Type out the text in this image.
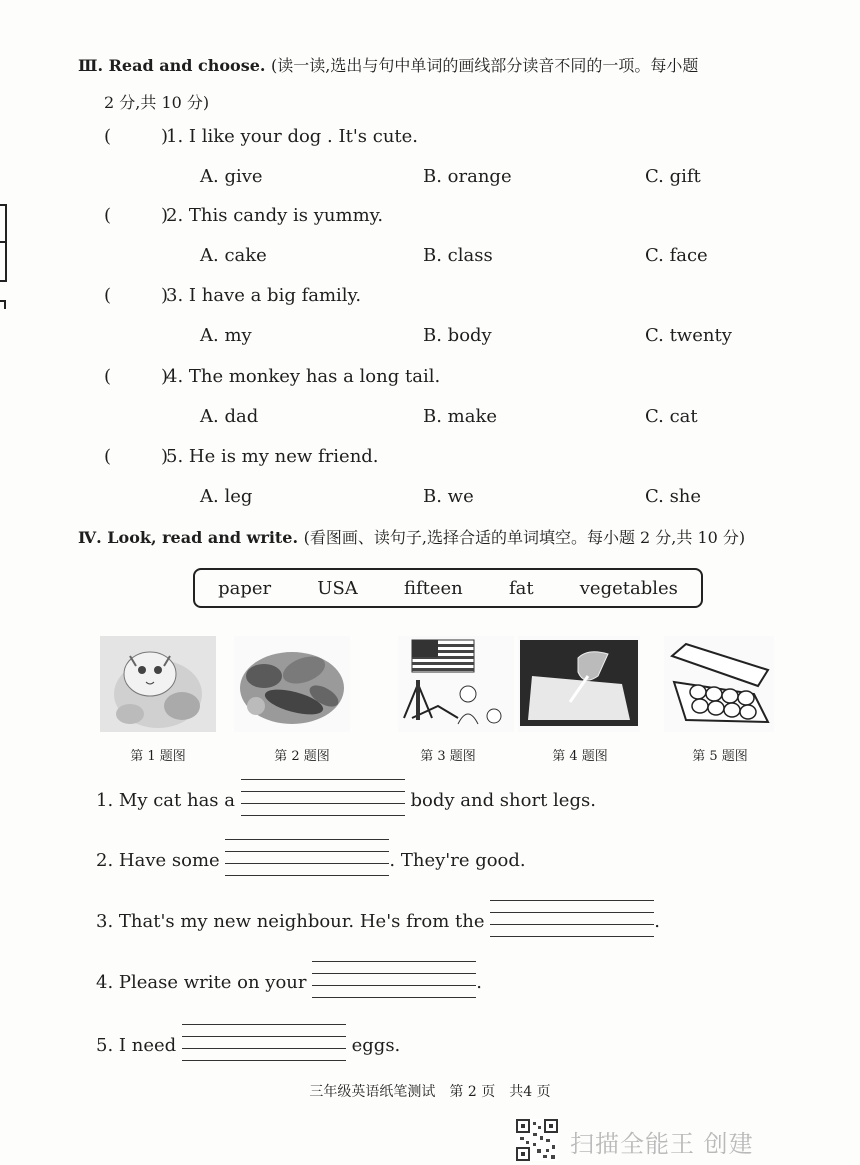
Ⅲ. Read and choose. (读一读,选出与句中单词的画线部分读音不同的一项。每小题
2 分,共 10 分)
(	)1. I like your dog . It's cute.
A. give	B. orange	C. gift
(	)2. This candy is yummy.
A. cake	B. class	C. face
(	)3. I have a big family.
A. my	B. body	C. twenty
(	)4. The monkey has a long tail.
A. dad	B. make	C. cat
(	)5. He is my new friend.
A. leg	B. we	C. she
Ⅳ. Look, read and write. (看图画、读句子,选择合适的单词填空。每小题 2 分,共 10 分)
paper	USA	fifteen	fat	vegetables
第 1 题图	第 2 题图	第 3 题图	第 4 题图	第 5 题图
1. My cat has a	body and short legs.
2. Have some	. They're good.
3. That's my new neighbour. He's from the	.
4. Please write on your	.
5. I need	eggs.
三年级英语纸笔测试　第 2 页　共4 页
扫描全能王 创建
